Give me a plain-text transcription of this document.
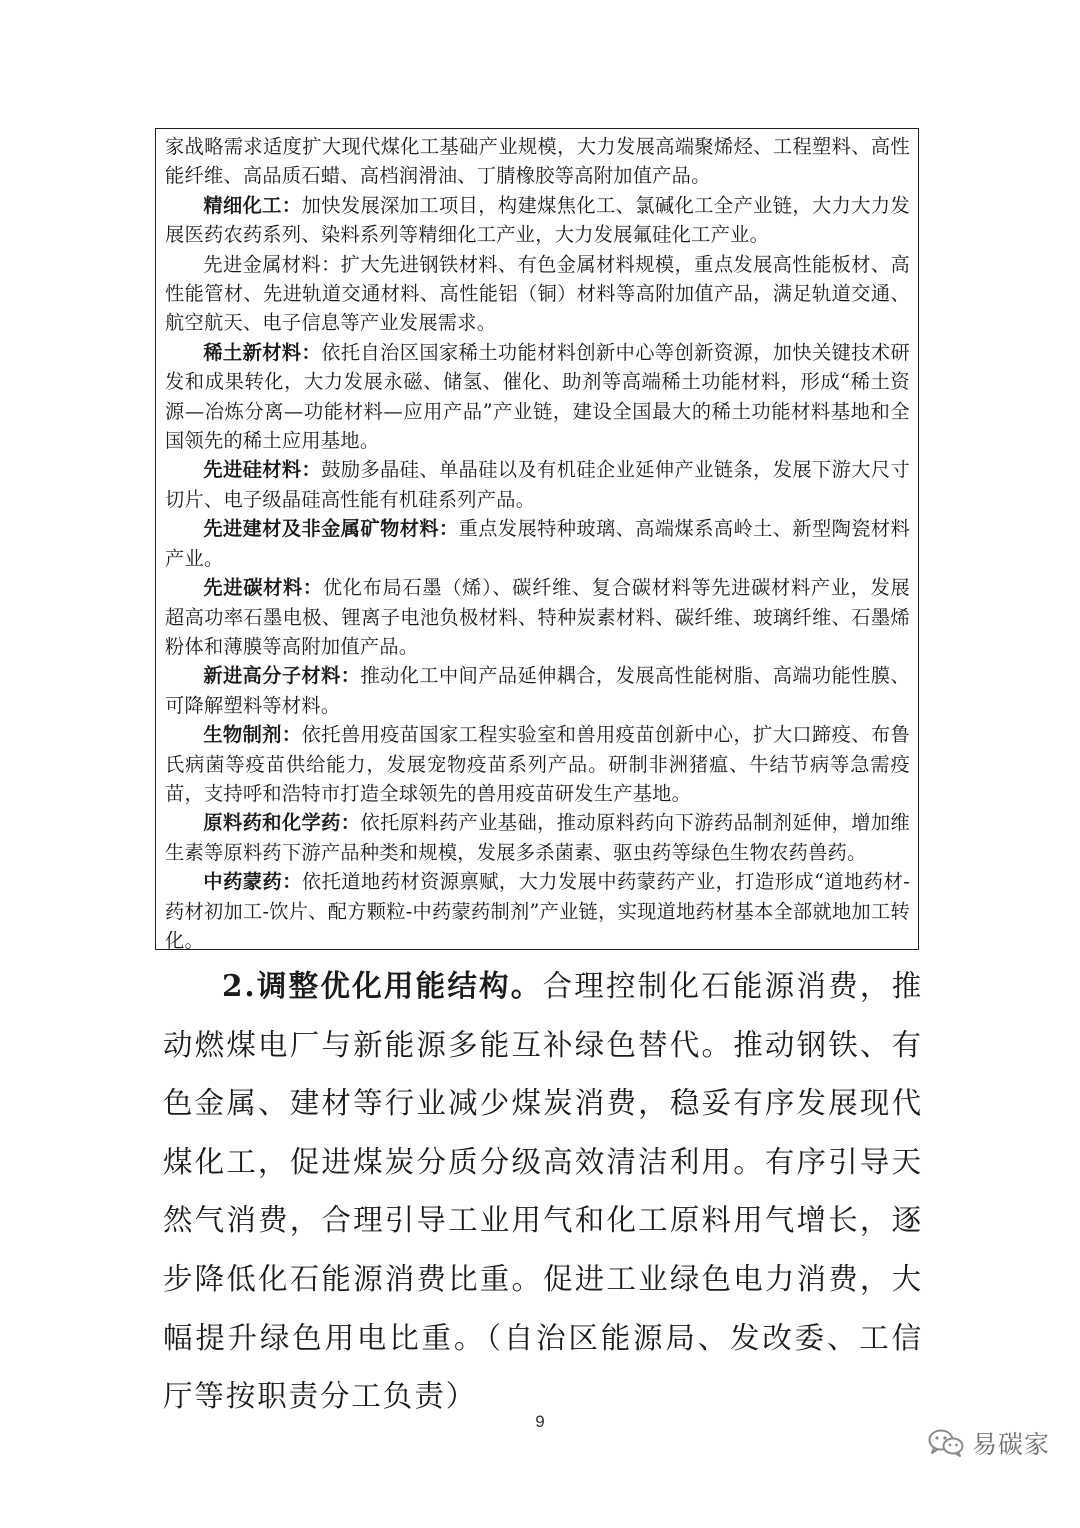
家战略需求适度扩大现代煤化工基础产业规模，大力发展高端聚烯烃、工程塑料、高性能纤维、高品质石蜡、高档润滑油、丁腈橡胶等高附加值产品。

精细化工：加快发展深加工项目，构建煤焦化工、氯碱化工全产业链，大力大力发展医药农药系列、染料系列等精细化工产业，大力发展氟硅化工产业。

先进金属材料：扩大先进钢铁材料、有色金属材料规模，重点发展高性能板材、高性能管材、先进轨道交通材料、高性能铝（铜）材料等高附加值产品，满足轨道交通、航空航天、电子信息等产业发展需求。

稀土新材料：依托自治区国家稀土功能材料创新中心等创新资源，加快关键技术研发和成果转化，大力发展永磁、储氢、催化、助剂等高端稀土功能材料，形成“稀土资源—冶炼分离—功能材料—应用产品”产业链，建设全国最大的稀土功能材料基地和全国领先的稀土应用基地。

先进硅材料：鼓励多晶硅、单晶硅以及有机硅企业延伸产业链条，发展下游大尺寸切片、电子级晶硅高性能有机硅系列产品。

先进建材及非金属矿物材料：重点发展特种玻璃、高端煤系高岭土、新型陶瓷材料产业。

先进碳材料：优化布局石墨（烯）、碳纤维、复合碳材料等先进碳材料产业，发展超高功率石墨电极、锂离子电池负极材料、特种炭素材料、碳纤维、玻璃纤维、石墨烯粉体和薄膜等高附加值产品。

新进高分子材料：推动化工中间产品延伸耦合，发展高性能树脂、高端功能性膜、可降解塑料等材料。

生物制剂：依托兽用疫苗国家工程实验室和兽用疫苗创新中心，扩大口蹄疫、布鲁氏病菌等疫苗供给能力，发展宠物疫苗系列产品。研制非洲猪瘟、牛结节病等急需疫苗，支持呼和浩特市打造全球领先的兽用疫苗研发生产基地。

原料药和化学药：依托原料药产业基础，推动原料药向下游药品制剂延伸，增加维生素等原料药下游产品种类和规模，发展多杀菌素、驱虫药等绿色生物农药兽药。

中药蒙药：依托道地药材资源禀赋，大力发展中药蒙药产业，打造形成“道地药材-药材初加工-饮片、配方颗粒-中药蒙药制剂”产业链，实现道地药材基本全部就地加工转化。

2.调整优化用能结构。合理控制化石能源消费，推动燃煤电厂与新能源多能互补绿色替代。推动钢铁、有色金属、建材等行业减少煤炭消费，稳妥有序发展现代煤化工，促进煤炭分质分级高效清洁利用。有序引导天然气消费，合理引导工业用气和化工原料用气增长，逐步降低化石能源消费比重。促进工业绿色电力消费，大幅提升绿色用电比重。（自治区能源局、发改委、工信厅等按职责分工负责）

9
易碳家
